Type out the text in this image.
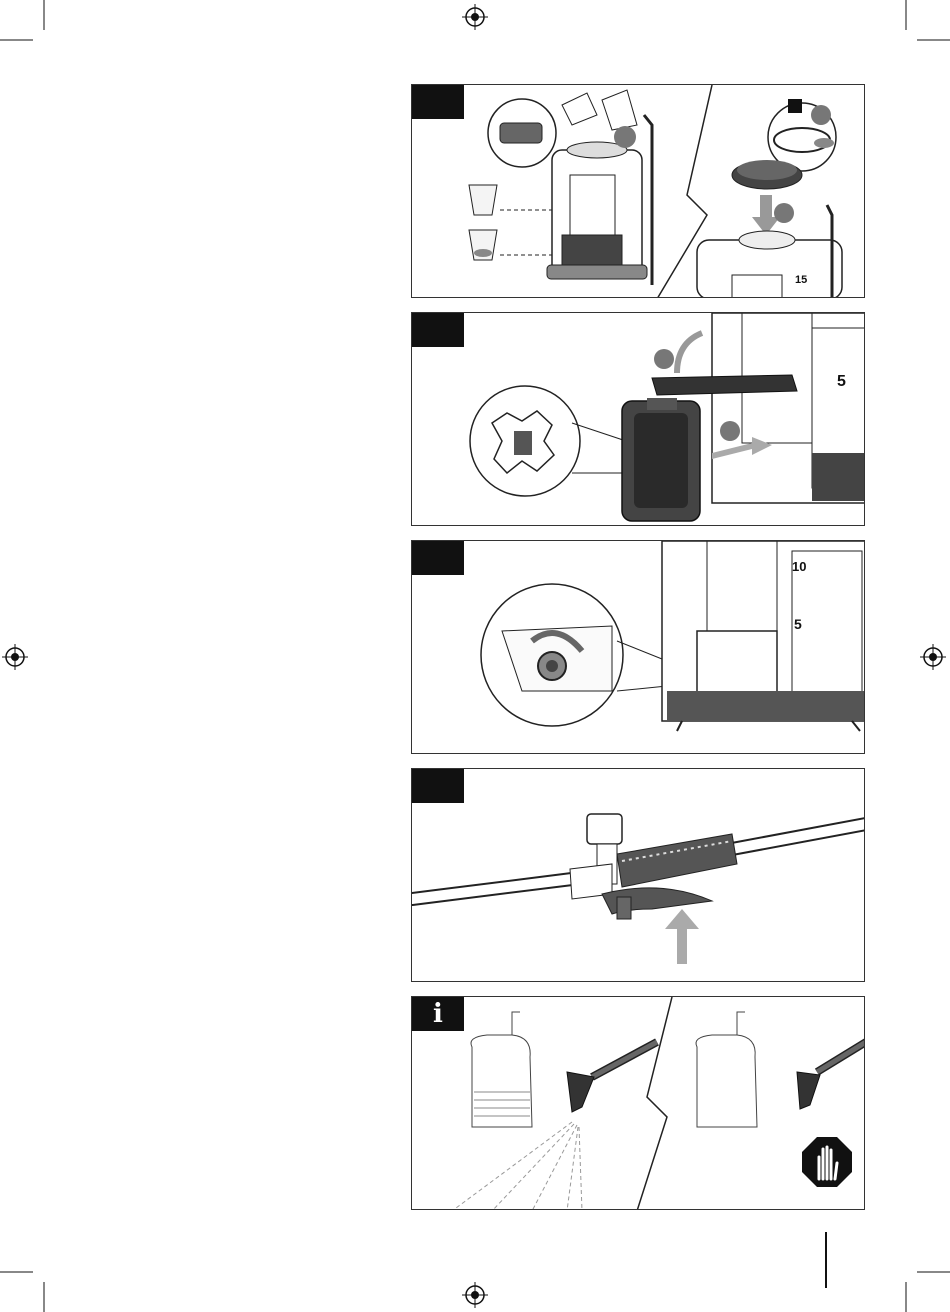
15
5
10
5
i
